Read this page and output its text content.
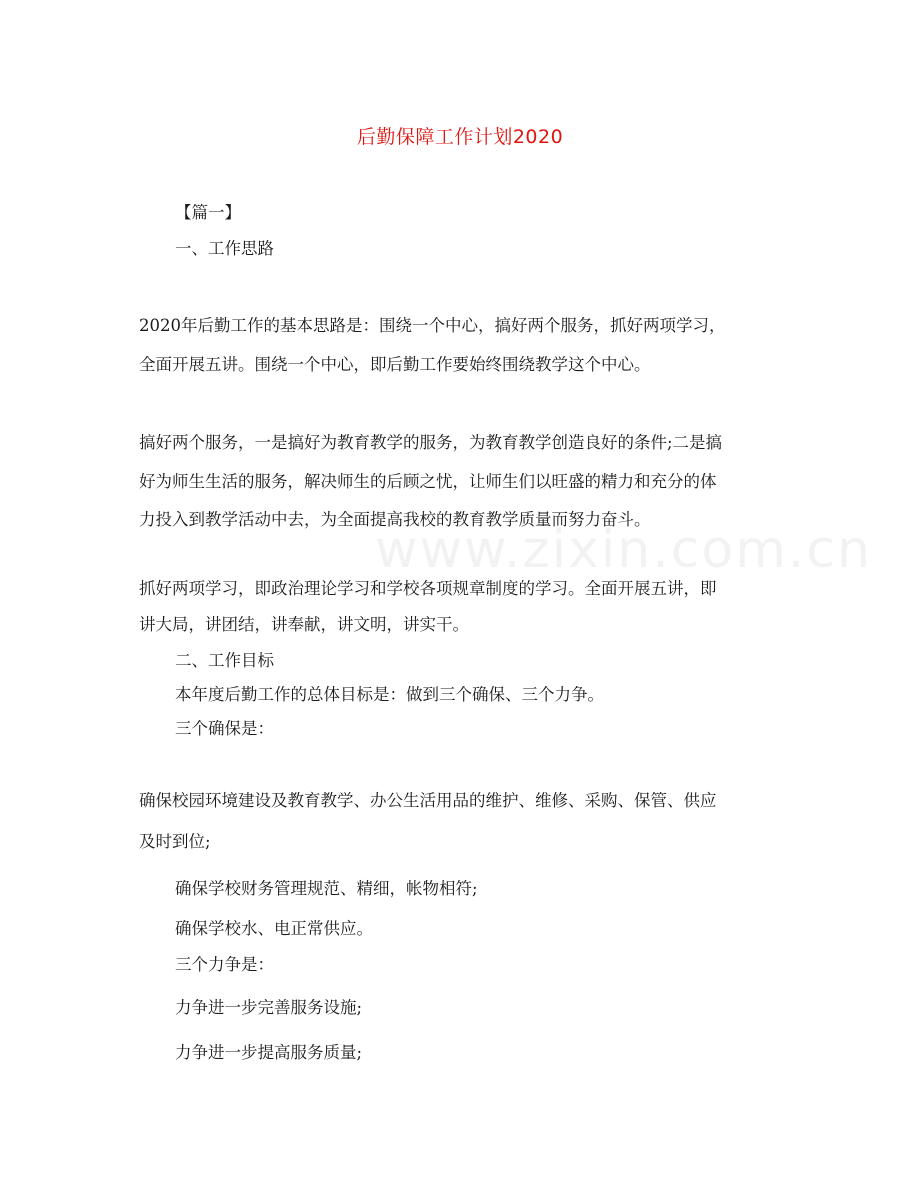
后勤保障工作计划2020
www.zixin.com.cn
【篇一】
一、工作思路
2020年后勤工作的基本思路是：围绕一个中心，搞好两个服务，抓好两项学习，
全面开展五讲。围绕一个中心，即后勤工作要始终围绕教学这个中心。
搞好两个服务，一是搞好为教育教学的服务，为教育教学创造良好的条件;二是搞
好为师生生活的服务，解决师生的后顾之忧，让师生们以旺盛的精力和充分的体
力投入到教学活动中去，为全面提高我校的教育教学质量而努力奋斗。
抓好两项学习，即政治理论学习和学校各项规章制度的学习。全面开展五讲，即
讲大局，讲团结，讲奉献，讲文明，讲实干。
二、工作目标
本年度后勤工作的总体目标是：做到三个确保、三个力争。
三个确保是：
确保校园环境建设及教育教学、办公生活用品的维护、维修、采购、保管、供应
及时到位;
确保学校财务管理规范、精细，帐物相符;
确保学校水、电正常供应。
三个力争是：
力争进一步完善服务设施;
力争进一步提高服务质量;
